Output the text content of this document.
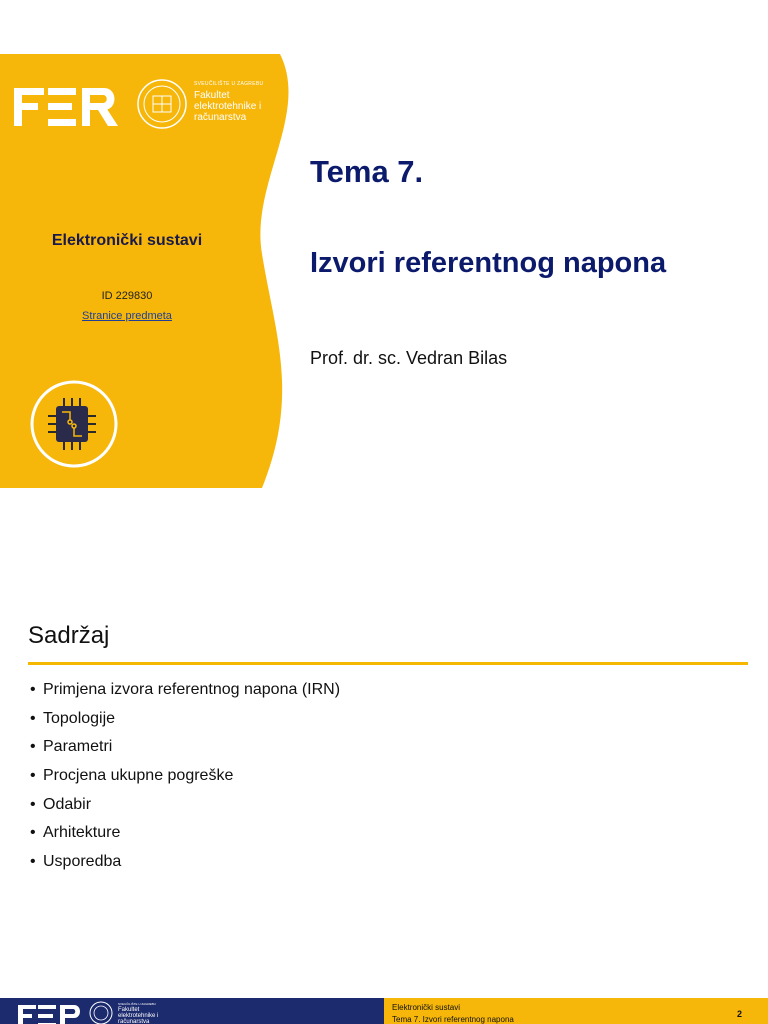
SVEUČILIŠTE U ZAGREBU
Fakultet elektrotehnike i računarstva
Elektronički sustavi
ID 229830
Stranice predmeta
Tema 7.
Izvori referentnog napona
Prof. dr. sc. Vedran Bilas
Sadržaj
• Primjena izvora referentnog napona (IRN)
• Topologije
• Parametri
• Procjena ukupne pogreške
• Odabir
• Arhitekture
• Usporedba
SVEUČILIŠTE U ZAGREBU
Fakultet elektrotehnike i računarstva
Elektronički sustavi
Tema 7. Izvori referentnog napona
2
